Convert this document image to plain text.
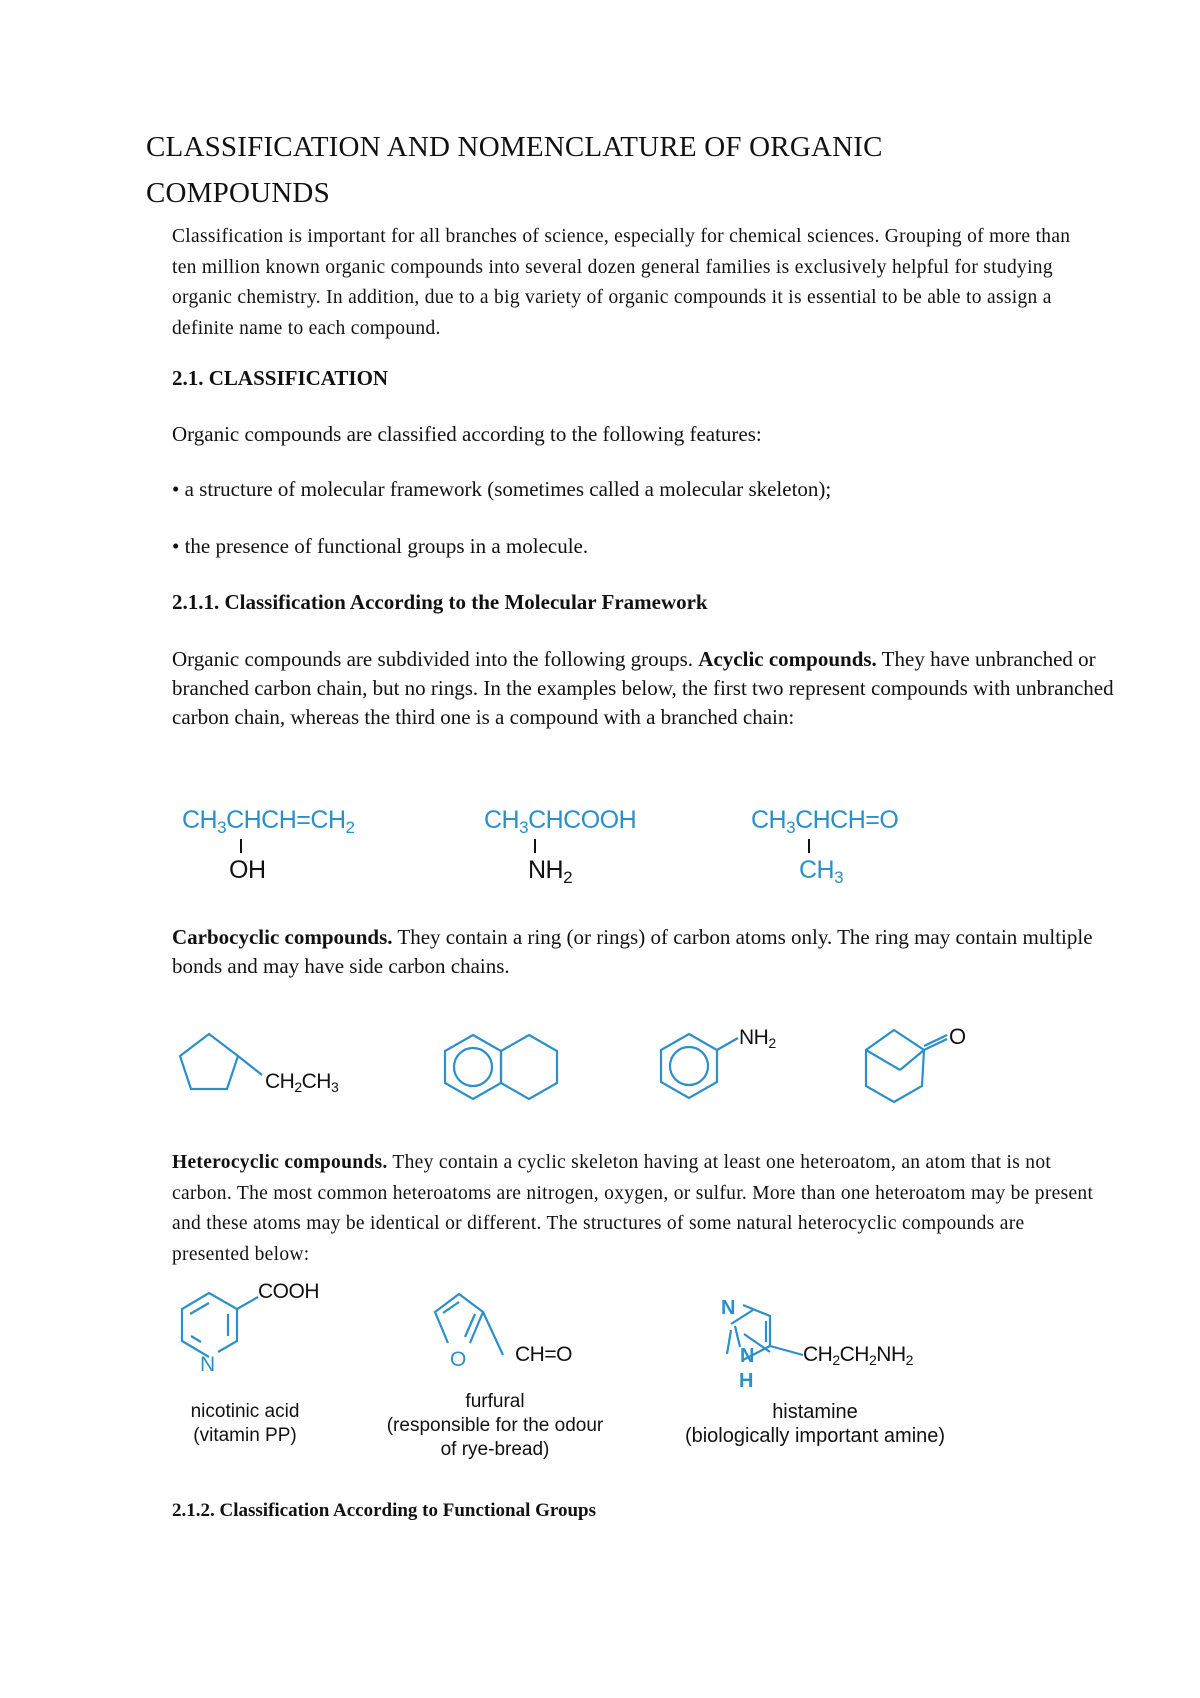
CLASSIFICATION AND NOMENCLATURE OF ORGANIC COMPOUNDS

Classification is important for all branches of science, especially for chemical sciences. Grouping of more than ten million known organic compounds into several dozen general families is exclusively helpful for studying organic chemistry. In addition, due to a big variety of organic compounds it is essential to be able to assign a definite name to each compound.

2.1. CLASSIFICATION
Organic compounds are classified according to the following features:
• a structure of molecular framework (sometimes called a molecular skeleton);
• the presence of functional groups in a molecule.
2.1.1. Classification According to the Molecular Framework

Organic compounds are subdivided into the following groups. Acyclic compounds. They have unbranched or branched carbon chain, but no rings. In the examples below, the first two represent compounds with unbranched carbon chain, whereas the third one is a compound with a branched chain:

$CH_3CHCH=CH_2$
OH
$CH_3CHCOOH$
$NH_2$
$CH_3CHCH=O$
$CH_3$

Carbocyclic compounds. They contain a ring (or rings) of carbon atoms only. The ring may contain multiple bonds and may have side carbon chains.

$CH_2CH_3$
$NH_2$	O

Heterocyclic compounds. They contain a cyclic skeleton having at least one heteroatom, an atom that is not carbon. The most common heteroatoms are nitrogen, oxygen, or sulfur. More than one heteroatom may be present and these atoms may be identical or different. The structures of some natural heterocyclic compounds are presented below:

COOH
N
nicotinic acid
(vitamin PP)
CH=O
O
furfural
(responsible for the odour
of rye-bread)
N
N
H
$CH_2CH_2NH_2$
histamine
(biologically important amine)
2.1.2. Classification According to Functional Groups
